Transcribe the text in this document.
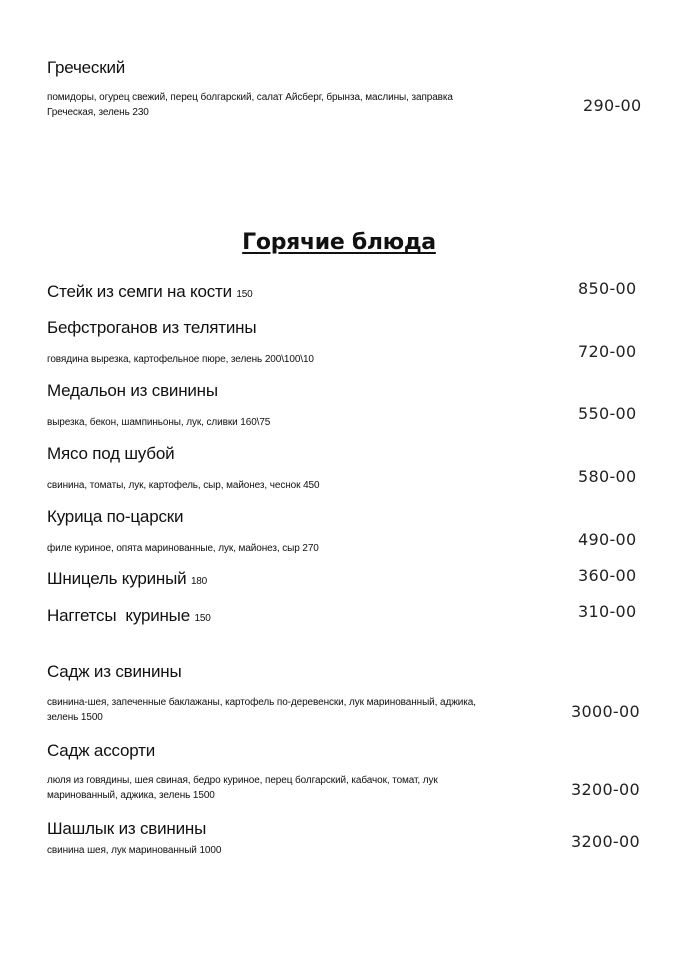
Греческий
помидоры, огурец свежий, перец болгарский, салат Айсберг, брынза, маслины, заправка
Греческая, зелень 230	290-00
Горячие блюда
Стейк из семги на кости 150	850-00
Бефстроганов из телятины
говядина вырезка, картофельное пюре, зелень 200\100\10	720-00
Медальон из свинины
вырезка, бекон, шампиньоны, лук, сливки 160\75	550-00
Мясо под шубой
свинина, томаты, лук, картофель, сыр, майонез, чеснок 450	580-00
Курица по-царски
филе куриное, опята маринованные, лук, майонез, сыр 270	490-00
Шницель куриный 180	360-00
Наггетсы  куриные 150	310-00
Садж из свинины
свинина-шея, запеченные баклажаны, картофель по-деревенски, лук маринованный, аджика,
зелень 1500	3000-00
Садж ассорти
люля из говядины, шея свиная, бедро куриное, перец болгарский, кабачок, томат, лук
маринованный, аджика, зелень 1500	3200-00
Шашлык из свинины
свинина шея, лук маринованный 1000	3200-00
